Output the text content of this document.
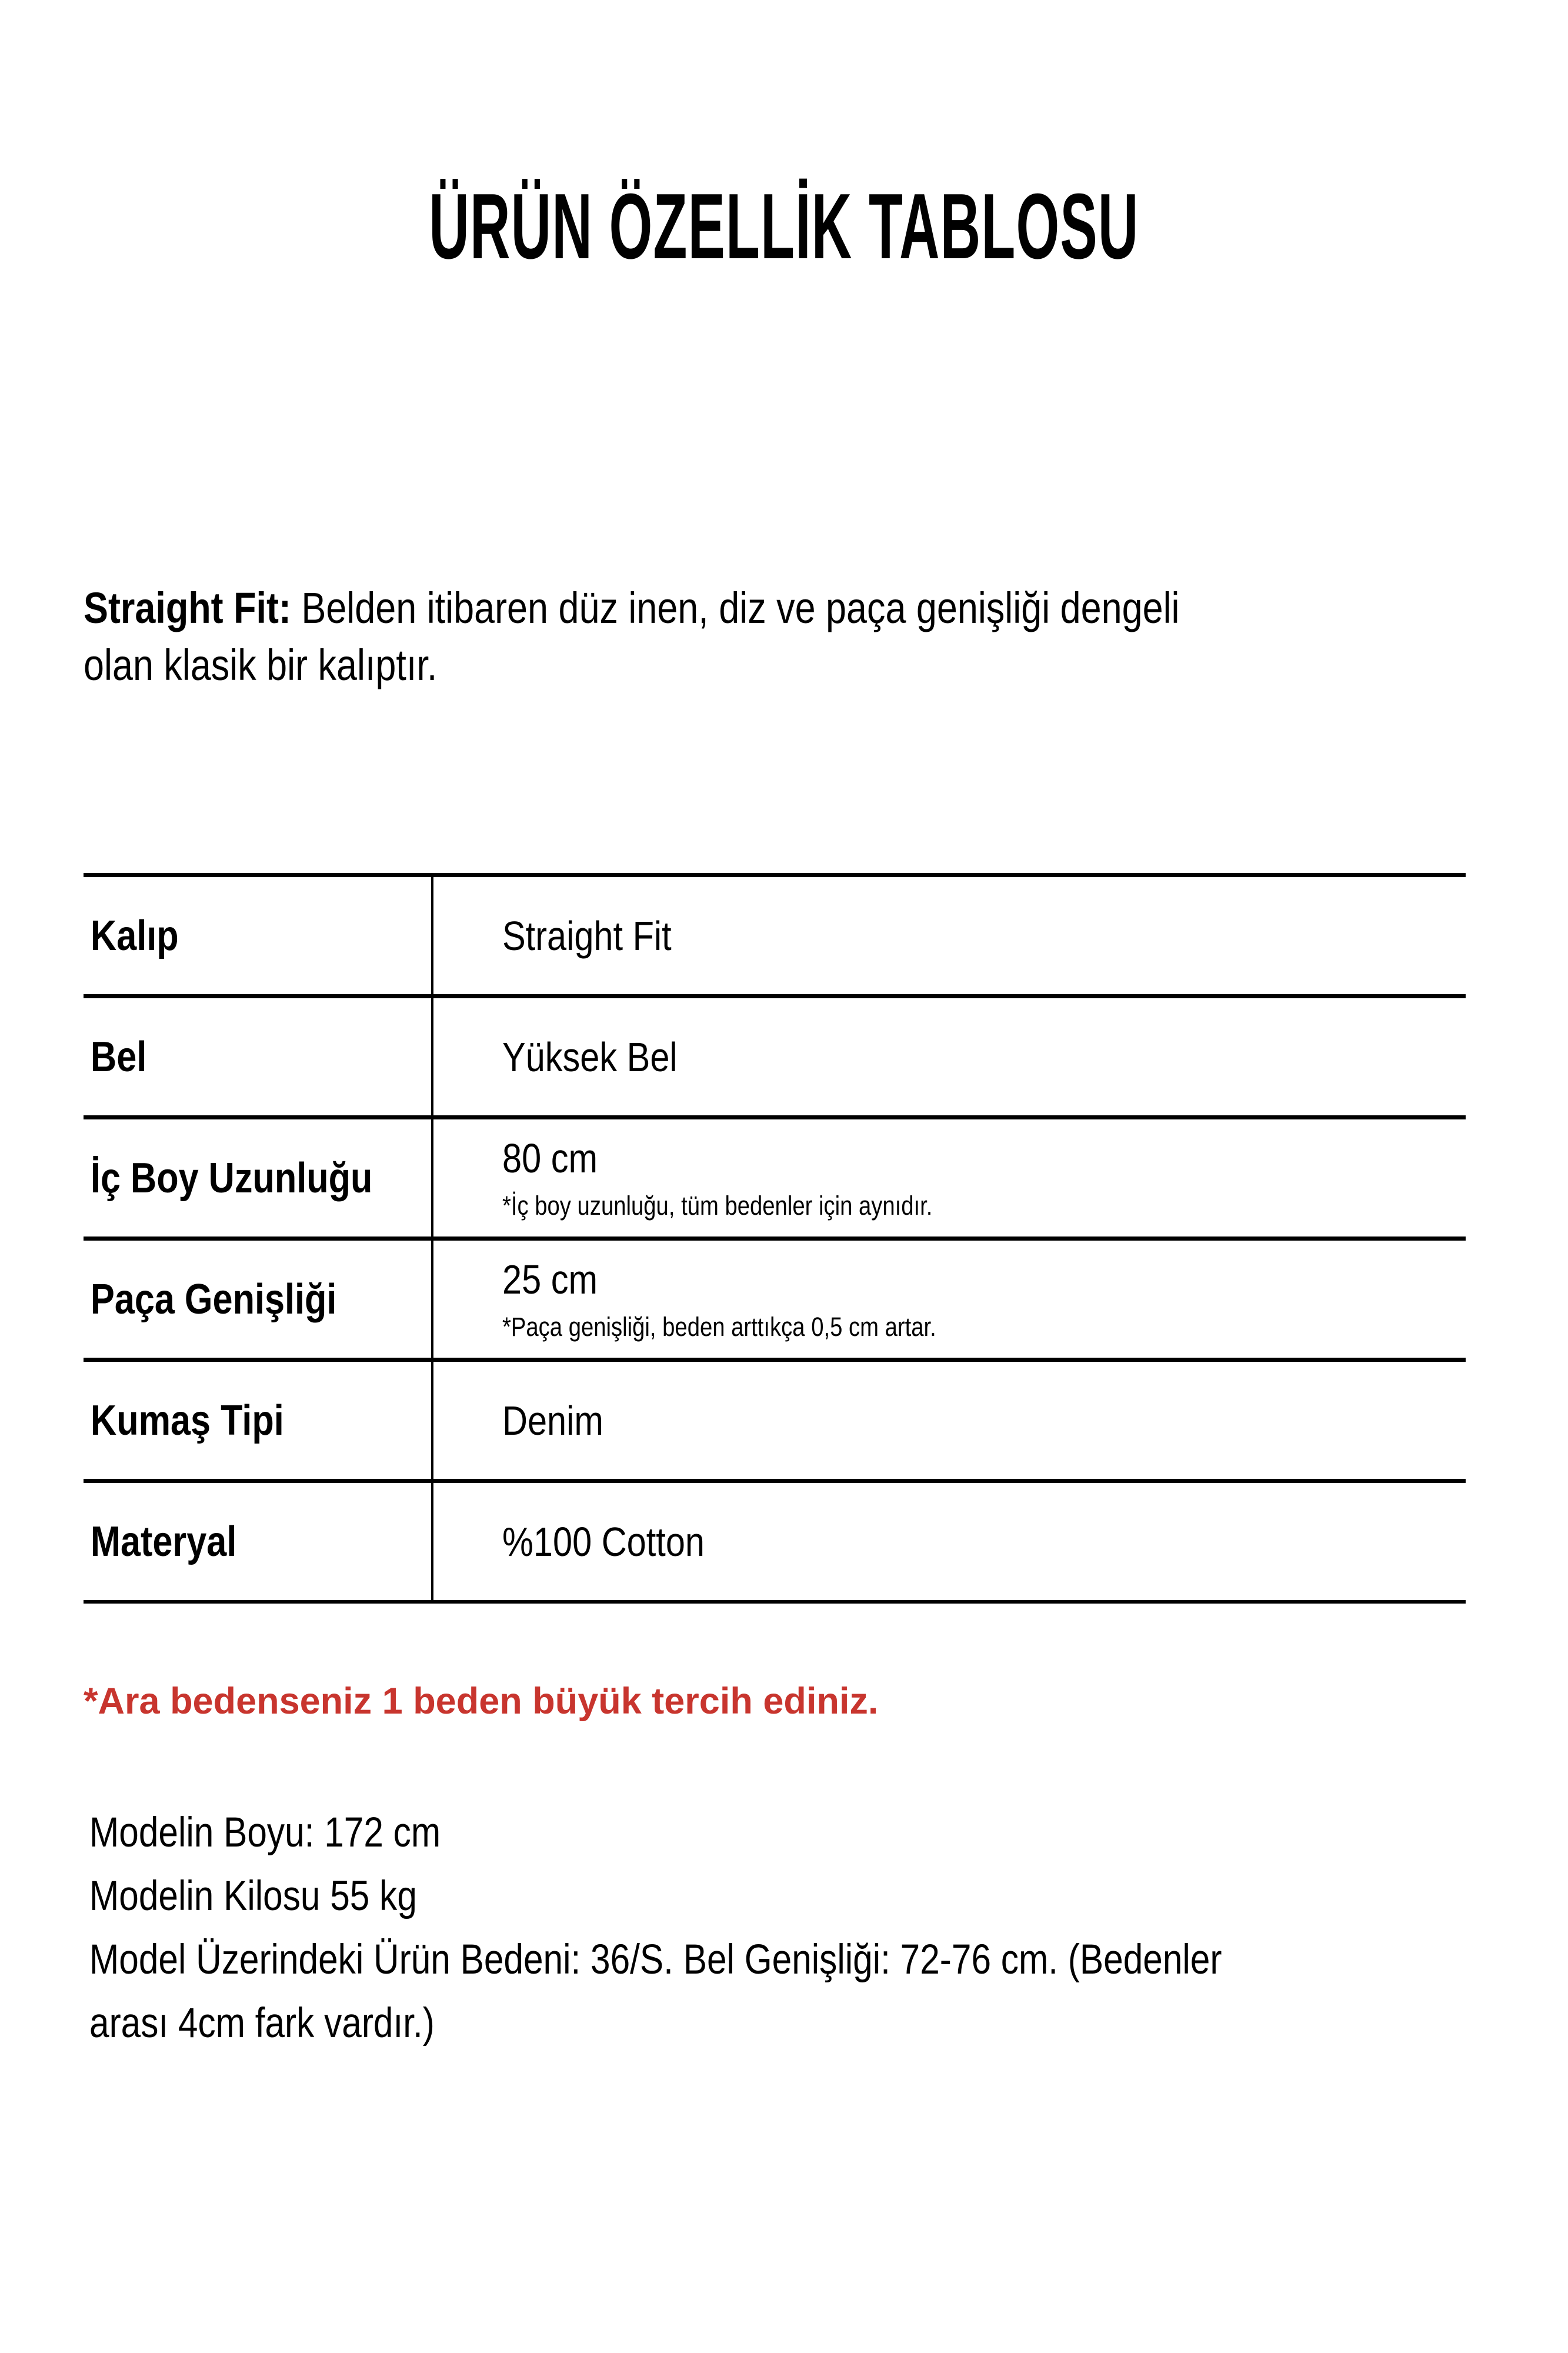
ÜRÜN ÖZELLİK TABLOSU
Straight Fit: Belden itibaren düz inen, diz ve paça genişliği dengeli
olan klasik bir kalıptır.
Kalıp	Straight Fit
Bel	Yüksek Bel
İç Boy Uzunluğu	80 cm
*İç boy uzunluğu, tüm bedenler için aynıdır.
Paça Genişliği	25 cm
*Paça genişliği, beden arttıkça 0,5 cm artar.
Kumaş Tipi	Denim
Materyal	%100 Cotton
*Ara bedenseniz 1 beden büyük tercih ediniz.
Modelin Boyu: 172 cm
Modelin Kilosu 55 kg
Model Üzerindeki Ürün Bedeni: 36/S. Bel Genişliği: 72-76 cm. (Bedenler
arası 4cm fark vardır.)
